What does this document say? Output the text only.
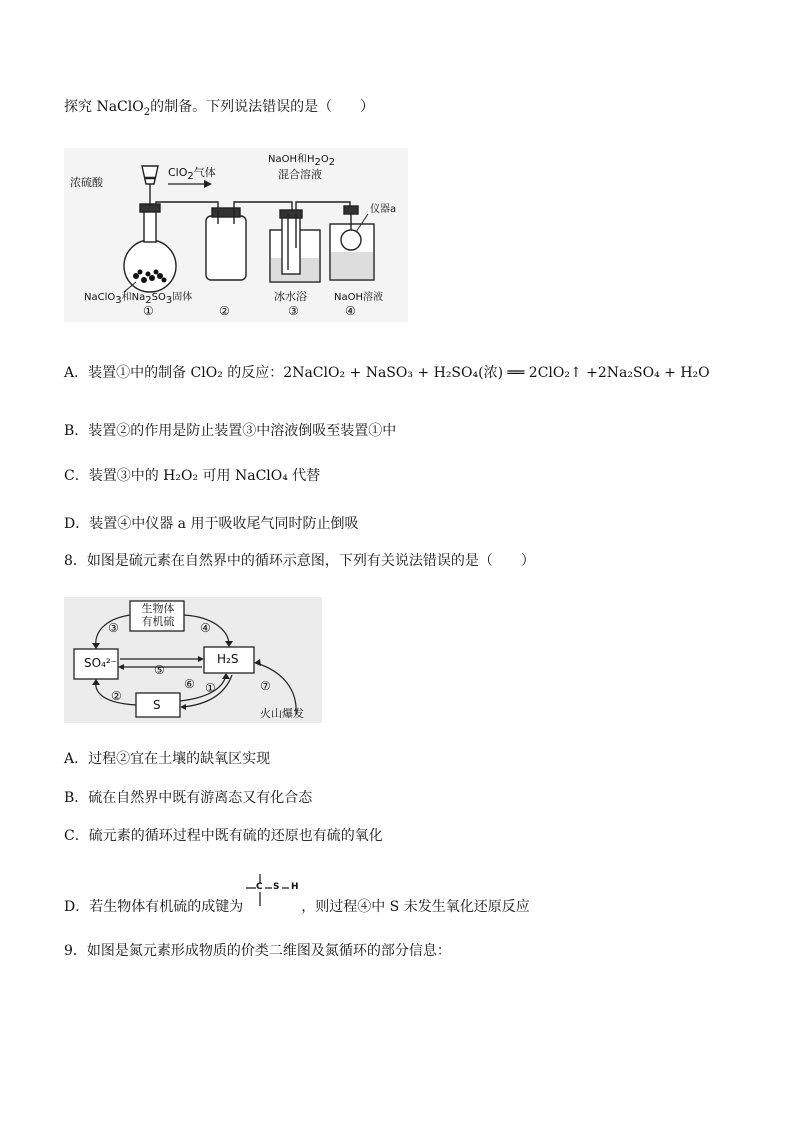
探究 NaClO$_2$的制备。下列说法错误的是（　　）
浓硫酸
ClO$_2$气体
NaOH和$H_2O_2$
混合溶液
仪器a
NaClO$_3$和$Na_2SO_3$固体	冰水浴	NaOH溶液
①	②	③	④
A．装置①中的制备 ClO₂ 的反应：2NaClO₂ + NaSO₃ + H₂SO₄(浓) ══ 2ClO₂↑ +2Na₂SO₄ + H₂O
B．装置②的作用是防止装置③中溶液倒吸至装置①中
C．装置③中的 H₂O₂ 可用 NaClO₄ 代替
D．装置④中仪器 a 用于吸收尾气同时防止倒吸
8．如图是硫元素在自然界中的循环示意图，下列有关说法错误的是（　　）
生物体
有机硫
SO₄²⁻	H₂S
S
火山爆发
①
②
③	④
⑤
⑥	⑦
A．过程②宜在土壤的缺氧区实现
B．硫在自然界中既有游离态又有化合态
C．硫元素的循环过程中既有硫的还原也有硫的氧化
D．若生物体有机硫的成键为	，则过程④中 S 未发生氧化还原反应
C S H
9．如图是氮元素形成物质的价类二维图及氮循环的部分信息：
